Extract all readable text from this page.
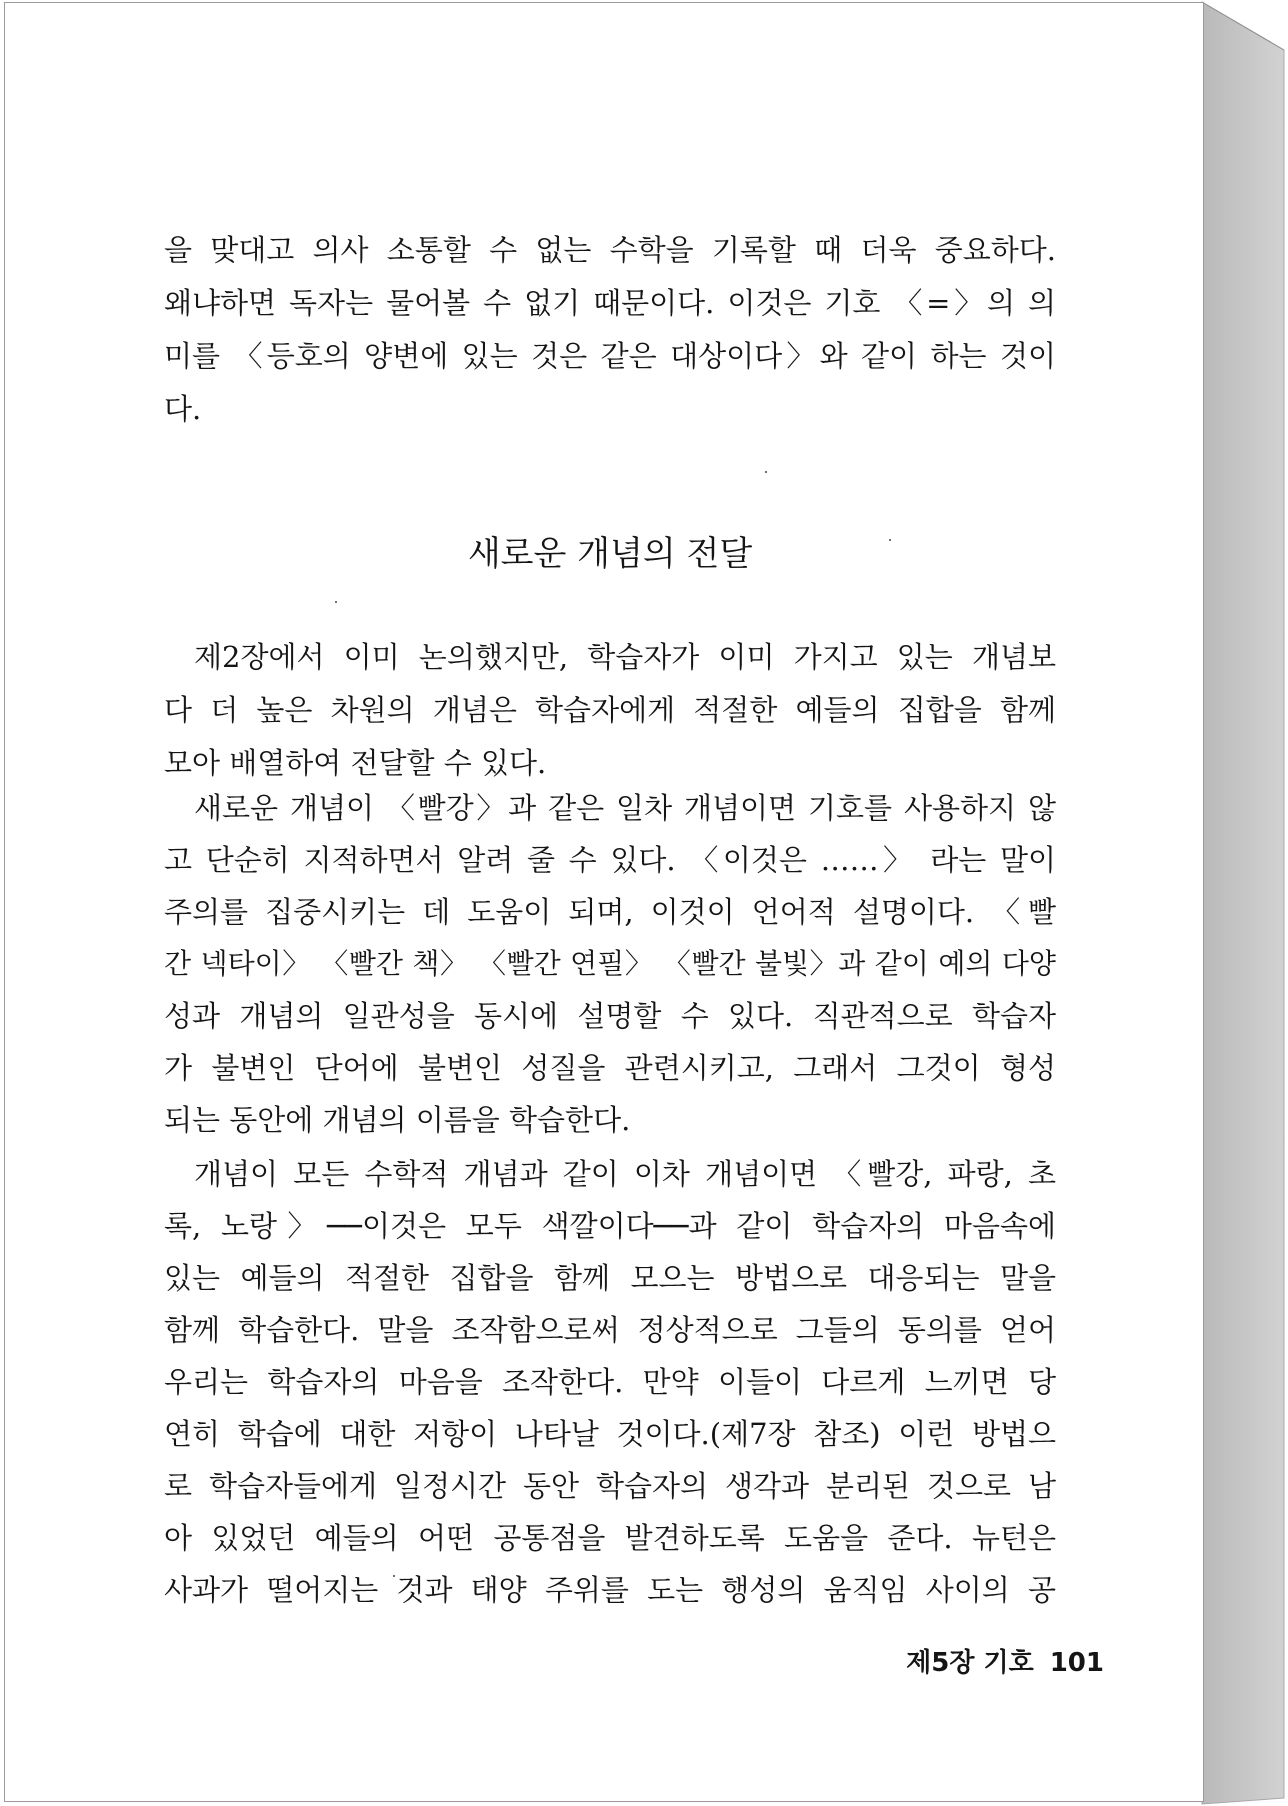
을 맞대고 의사 소통할 수 없는 수학을 기록할 때 더욱 중요하다.
왜냐하면 독자는 물어볼 수 없기 때문이다. 이것은 기호 〈=〉의 의
미를 〈등호의 양변에 있는 것은 같은 대상이다〉와 같이 하는 것이
다.
새로운 개념의 전달
제2장에서 이미 논의했지만, 학습자가 이미 가지고 있는 개념보
다 더 높은 차원의 개념은 학습자에게 적절한 예들의 집합을 함께
모아 배열하여 전달할 수 있다.
새로운 개념이 〈빨강〉과 같은 일차 개념이면 기호를 사용하지 않
고 단순히 지적하면서 알려 줄 수 있다. 〈이것은 ……〉 라는 말이
주의를 집중시키는 데 도움이 되며, 이것이 언어적 설명이다. 〈빨
간 넥타이〉 〈빨간 책〉 〈빨간 연필〉 〈빨간 불빛〉과 같이 예의 다양
성과 개념의 일관성을 동시에 설명할 수 있다. 직관적으로 학습자
가 불변인 단어에 불변인 성질을 관련시키고, 그래서 그것이 형성
되는 동안에 개념의 이름을 학습한다.
개념이 모든 수학적 개념과 같이 이차 개념이면 〈빨강, 파랑, 초
록, 노랑〉──이것은 모두 색깔이다──과 같이 학습자의 마음속에
있는 예들의 적절한 집합을 함께 모으는 방법으로 대응되는 말을
함께 학습한다. 말을 조작함으로써 정상적으로 그들의 동의를 얻어
우리는 학습자의 마음을 조작한다. 만약 이들이 다르게 느끼면 당
연히 학습에 대한 저항이 나타날 것이다.(제7장 참조) 이런 방법으
로 학습자들에게 일정시간 동안 학습자의 생각과 분리된 것으로 남
아 있었던 예들의 어떤 공통점을 발견하도록 도움을 준다. 뉴턴은
사과가 떨어지는 것과 태양 주위를 도는 행성의 움직임 사이의 공
제5장 기호 101
